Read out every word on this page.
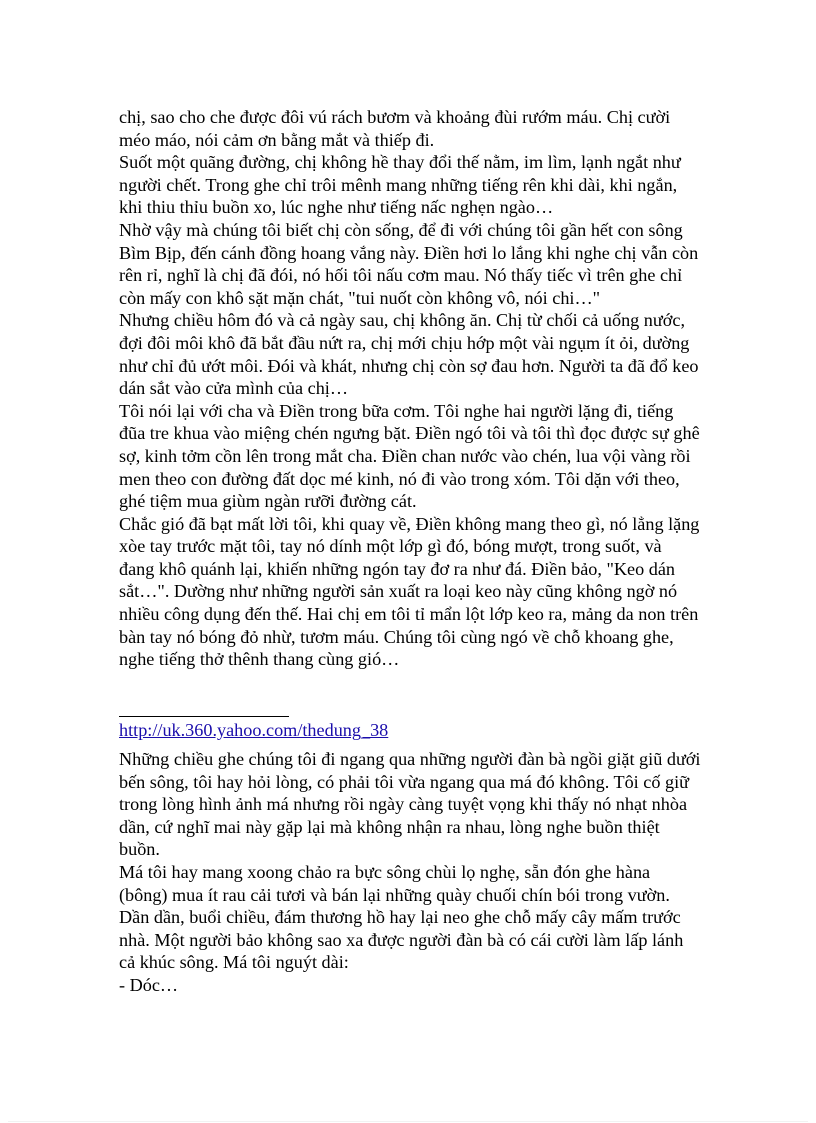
chị, sao cho che được đôi vú rách bươm và khoảng đùi rướm máu. Chị cười méo máo, nói cảm ơn bằng mắt và thiếp đi.

Suốt một quãng đường, chị không hề thay đổi thế nằm, im lìm, lạnh ngắt như người chết. Trong ghe chỉ trôi mênh mang những tiếng rên khi dài, khi ngắn, khi thiu thỉu buồn xo, lúc nghe như tiếng nấc nghẹn ngào…

Nhờ vậy mà chúng tôi biết chị còn sống, để đi với chúng tôi gần hết con sông Bìm Bịp, đến cánh đồng hoang vắng này. Điền hơi lo lắng khi nghe chị vẫn còn rên rỉ, nghĩ là chị đã đói, nó hối tôi nấu cơm mau. Nó thấy tiếc vì trên ghe chỉ còn mấy con khô sặt mặn chát, "tui nuốt còn không vô, nói chi…"

Nhưng chiều hôm đó và cả ngày sau, chị không ăn. Chị từ chối cả uống nước, đợi đôi môi khô đã bắt đầu nứt ra, chị mới chịu hớp một vài ngụm ít ỏi, dường như chỉ đủ ướt môi. Đói và khát, nhưng chị còn sợ đau hơn. Người ta đã đổ keo dán sắt vào cửa mình của chị…

Tôi nói lại với cha và Điền trong bữa cơm. Tôi nghe hai người lặng đi, tiếng đũa tre khua vào miệng chén ngưng bặt. Điền ngó tôi và tôi thì đọc được sự ghê sợ, kinh tởm cồn lên trong mắt cha. Điền chan nước vào chén, lua vội vàng rồi men theo con đường đất dọc mé kinh, nó đi vào trong xóm. Tôi dặn với theo, ghé tiệm mua giùm ngàn rưỡi đường cát.

Chắc gió đã bạt mất lời tôi, khi quay về, Điền không mang theo gì, nó lẳng lặng xòe tay trước mặt tôi, tay nó dính một lớp gì đó, bóng mượt, trong suốt, và đang khô quánh lại, khiến những ngón tay đơ ra như đá. Điền bảo, "Keo dán sắt…". Dường như những người sản xuất ra loại keo này cũng không ngờ nó nhiều công dụng đến thế. Hai chị em tôi tỉ mẩn lột lớp keo ra, mảng da non trên bàn tay nó bóng đỏ nhừ, tươm máu. Chúng tôi cùng ngó về chỗ khoang ghe, nghe tiếng thở thênh thang cùng gió…

http://uk.360.yahoo.com/thedung_38

Những chiều ghe chúng tôi đi ngang qua những người đàn bà ngồi giặt giũ dưới bến sông, tôi hay hỏi lòng, có phải tôi vừa ngang qua má đó không. Tôi cố giữ trong lòng hình ảnh má nhưng rồi ngày càng tuyệt vọng khi thấy nó nhạt nhòa dần, cứ nghĩ mai này gặp lại mà không nhận ra nhau, lòng nghe buồn thiệt buồn.

Má tôi hay mang xoong chảo ra bực sông chùi lọ nghẹ, sẵn đón ghe hàna (bông) mua ít rau cải tươi và bán lại những quày chuối chín bói trong vườn. Dần dần, buổi chiều, đám thương hồ hay lại neo ghe chỗ mấy cây mấm trước nhà. Một người bảo không sao xa được người đàn bà có cái cười làm lấp lánh cả khúc sông. Má tôi nguýt dài:

- Dóc…
